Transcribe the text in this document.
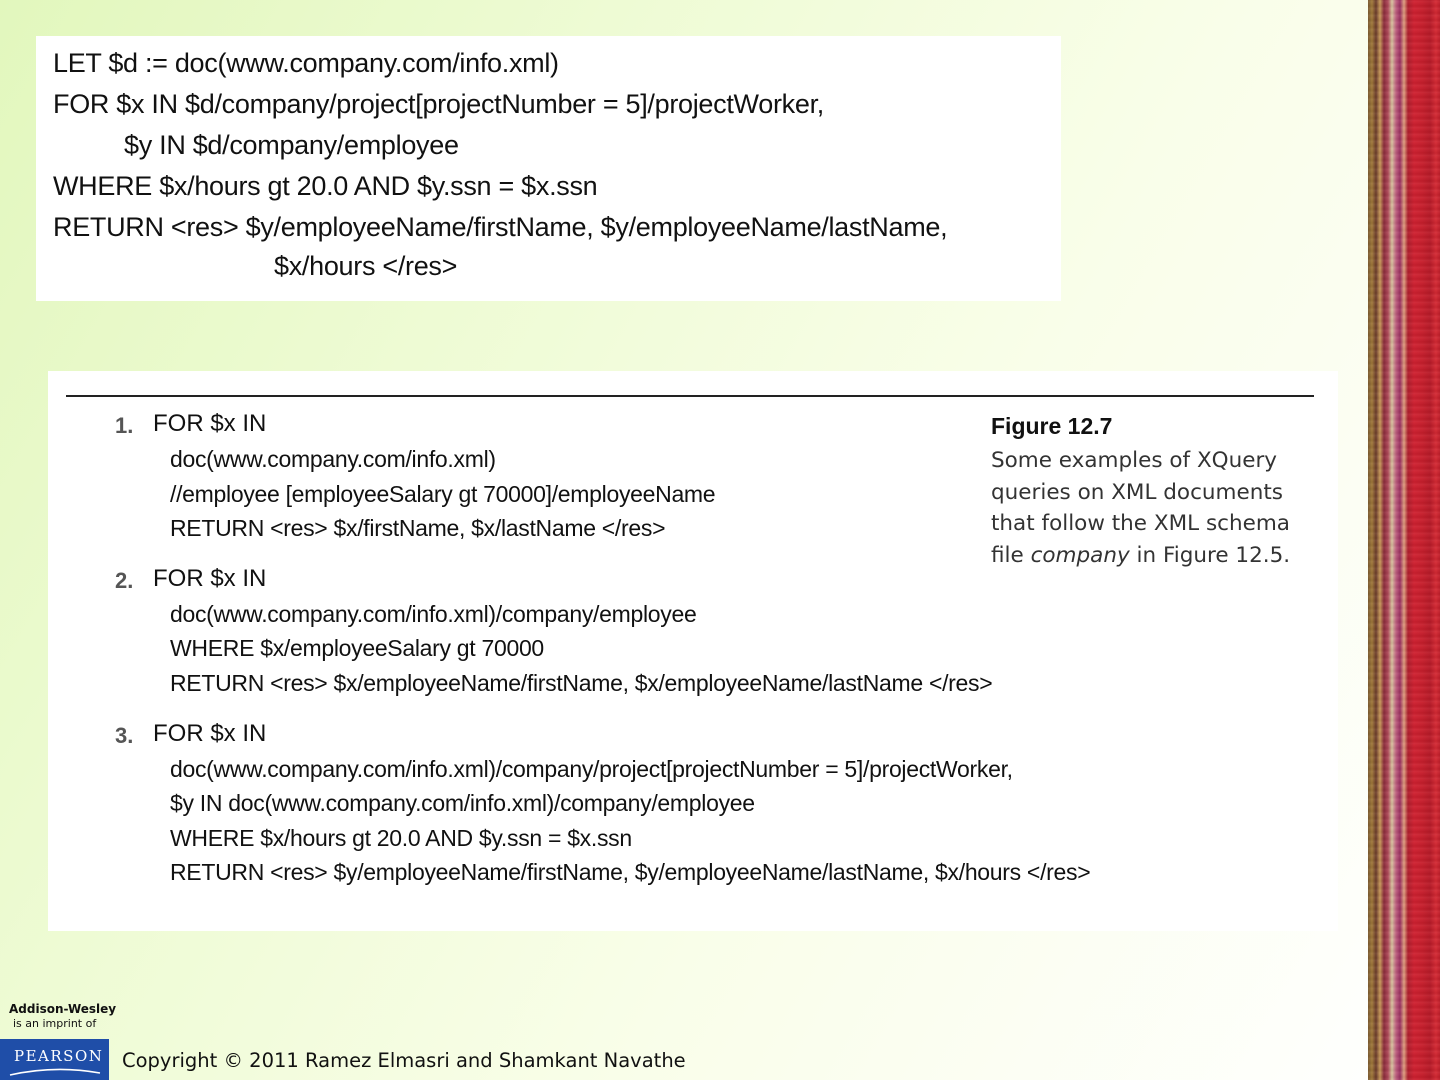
LET $d := doc(www.company.com/info.xml)
FOR $x IN $d/company/project[projectNumber = 5]/projectWorker,
$y IN $d/company/employee
WHERE $x/hours gt 20.0 AND $y.ssn = $x.ssn
RETURN <res> $y/employeeName/firstName, $y/employeeName/lastName,
$x/hours </res>
1. FOR $x IN
doc(www.company.com/info.xml)
//employee [employeeSalary gt 70000]/employeeName
RETURN <res> $x/firstName, $x/lastName </res>
2. FOR $x IN
doc(www.company.com/info.xml)/company/employee
WHERE $x/employeeSalary gt 70000
RETURN <res> $x/employeeName/firstName, $x/employeeName/lastName </res>
3. FOR $x IN
doc(www.company.com/info.xml)/company/project[projectNumber = 5]/projectWorker,
$y IN doc(www.company.com/info.xml)/company/employee
WHERE $x/hours gt 20.0 AND $y.ssn = $x.ssn
RETURN <res> $y/employeeName/firstName, $y/employeeName/lastName, $x/hours </res>
Figure 12.7
Some examples of XQuery queries on XML documents that follow the XML schema file company in Figure 12.5.
Addison-Wesley
is an imprint of
PEARSON Copyright © 2011 Ramez Elmasri and Shamkant Navathe
